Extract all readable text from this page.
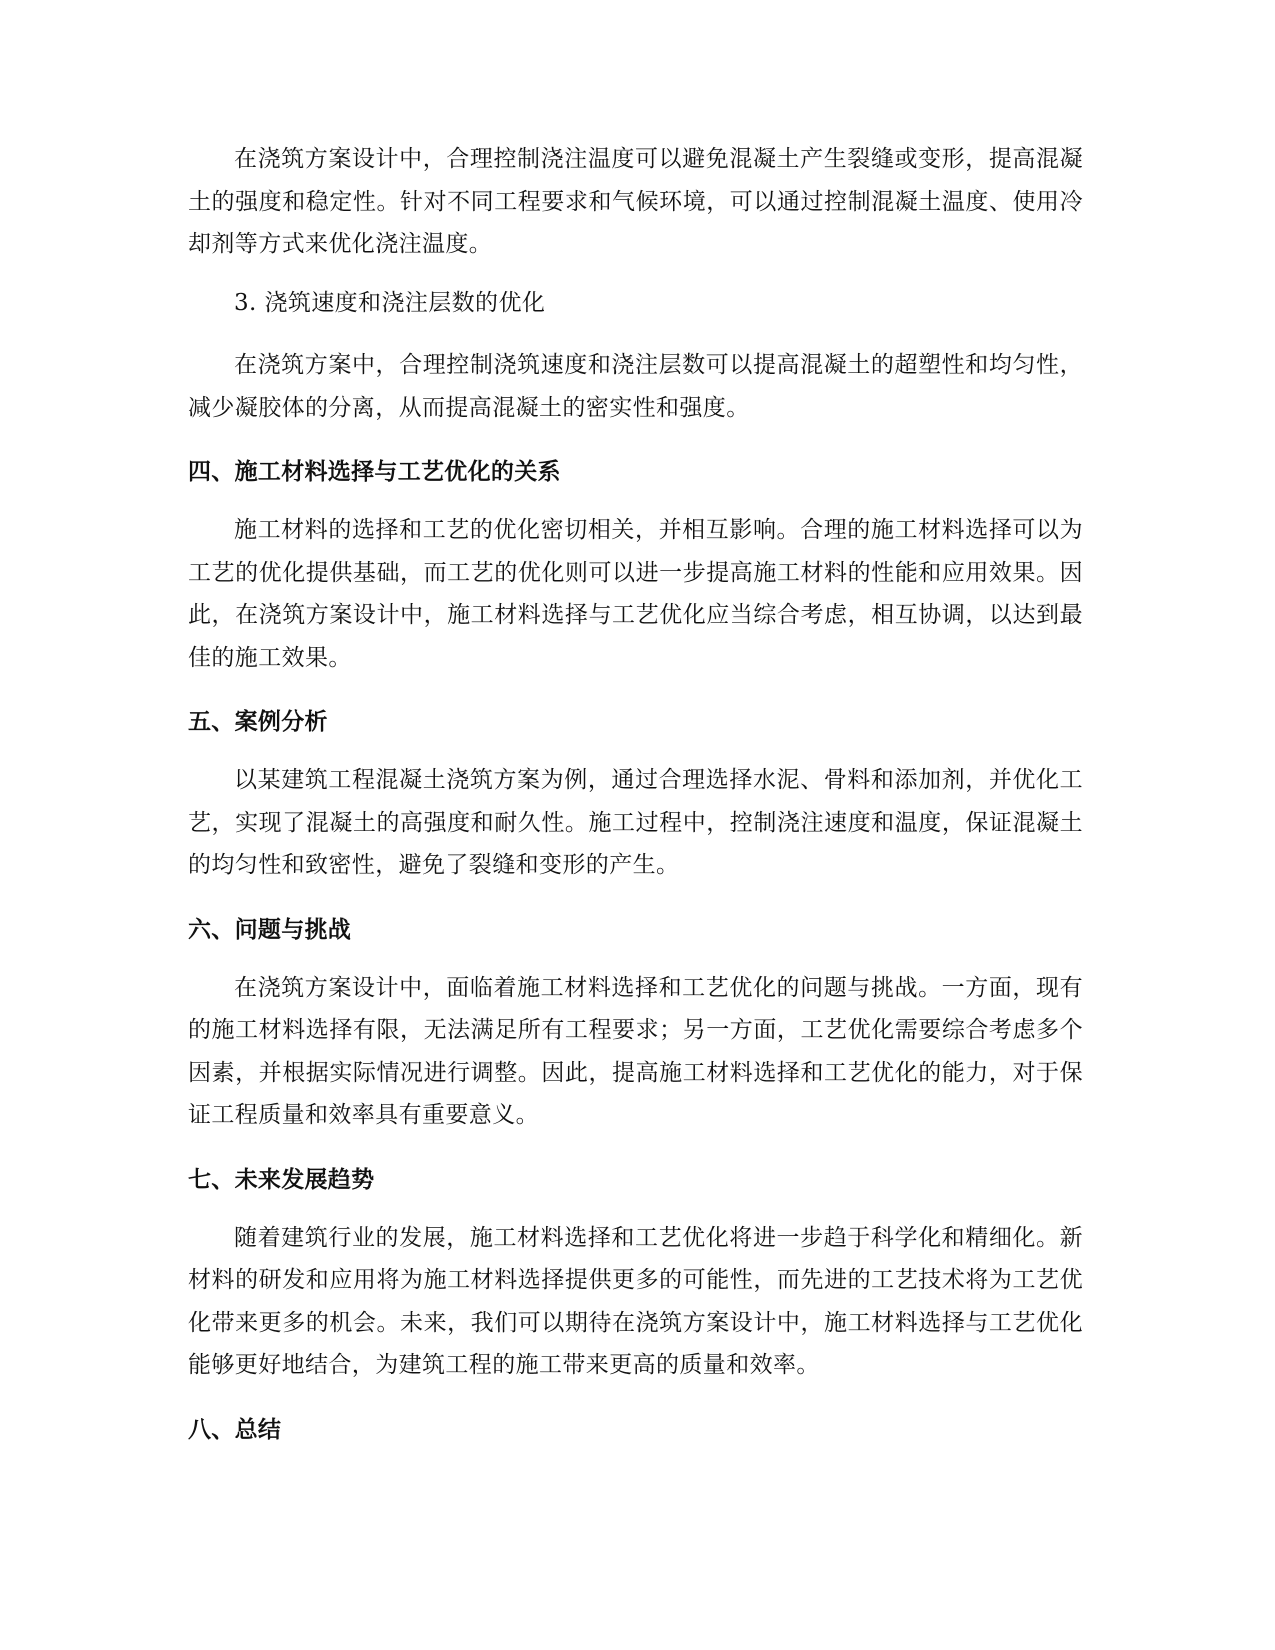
在浇筑方案设计中，合理控制浇注温度可以避免混凝土产生裂缝或变形，提高混凝土的强度和稳定性。针对不同工程要求和气候环境，可以通过控制混凝土温度、使用冷却剂等方式来优化浇注温度。

3. 浇筑速度和浇注层数的优化

在浇筑方案中，合理控制浇筑速度和浇注层数可以提高混凝土的超塑性和均匀性，减少凝胶体的分离，从而提高混凝土的密实性和强度。

四、施工材料选择与工艺优化的关系

施工材料的选择和工艺的优化密切相关，并相互影响。合理的施工材料选择可以为工艺的优化提供基础，而工艺的优化则可以进一步提高施工材料的性能和应用效果。因此，在浇筑方案设计中，施工材料选择与工艺优化应当综合考虑，相互协调，以达到最佳的施工效果。

五、案例分析

以某建筑工程混凝土浇筑方案为例，通过合理选择水泥、骨料和添加剂，并优化工艺，实现了混凝土的高强度和耐久性。施工过程中，控制浇注速度和温度，保证混凝土的均匀性和致密性，避免了裂缝和变形的产生。

六、问题与挑战

在浇筑方案设计中，面临着施工材料选择和工艺优化的问题与挑战。一方面，现有的施工材料选择有限，无法满足所有工程要求；另一方面，工艺优化需要综合考虑多个因素，并根据实际情况进行调整。因此，提高施工材料选择和工艺优化的能力，对于保证工程质量和效率具有重要意义。

七、未来发展趋势

随着建筑行业的发展，施工材料选择和工艺优化将进一步趋于科学化和精细化。新材料的研发和应用将为施工材料选择提供更多的可能性，而先进的工艺技术将为工艺优化带来更多的机会。未来，我们可以期待在浇筑方案设计中，施工材料选择与工艺优化能够更好地结合，为建筑工程的施工带来更高的质量和效率。

八、总结
